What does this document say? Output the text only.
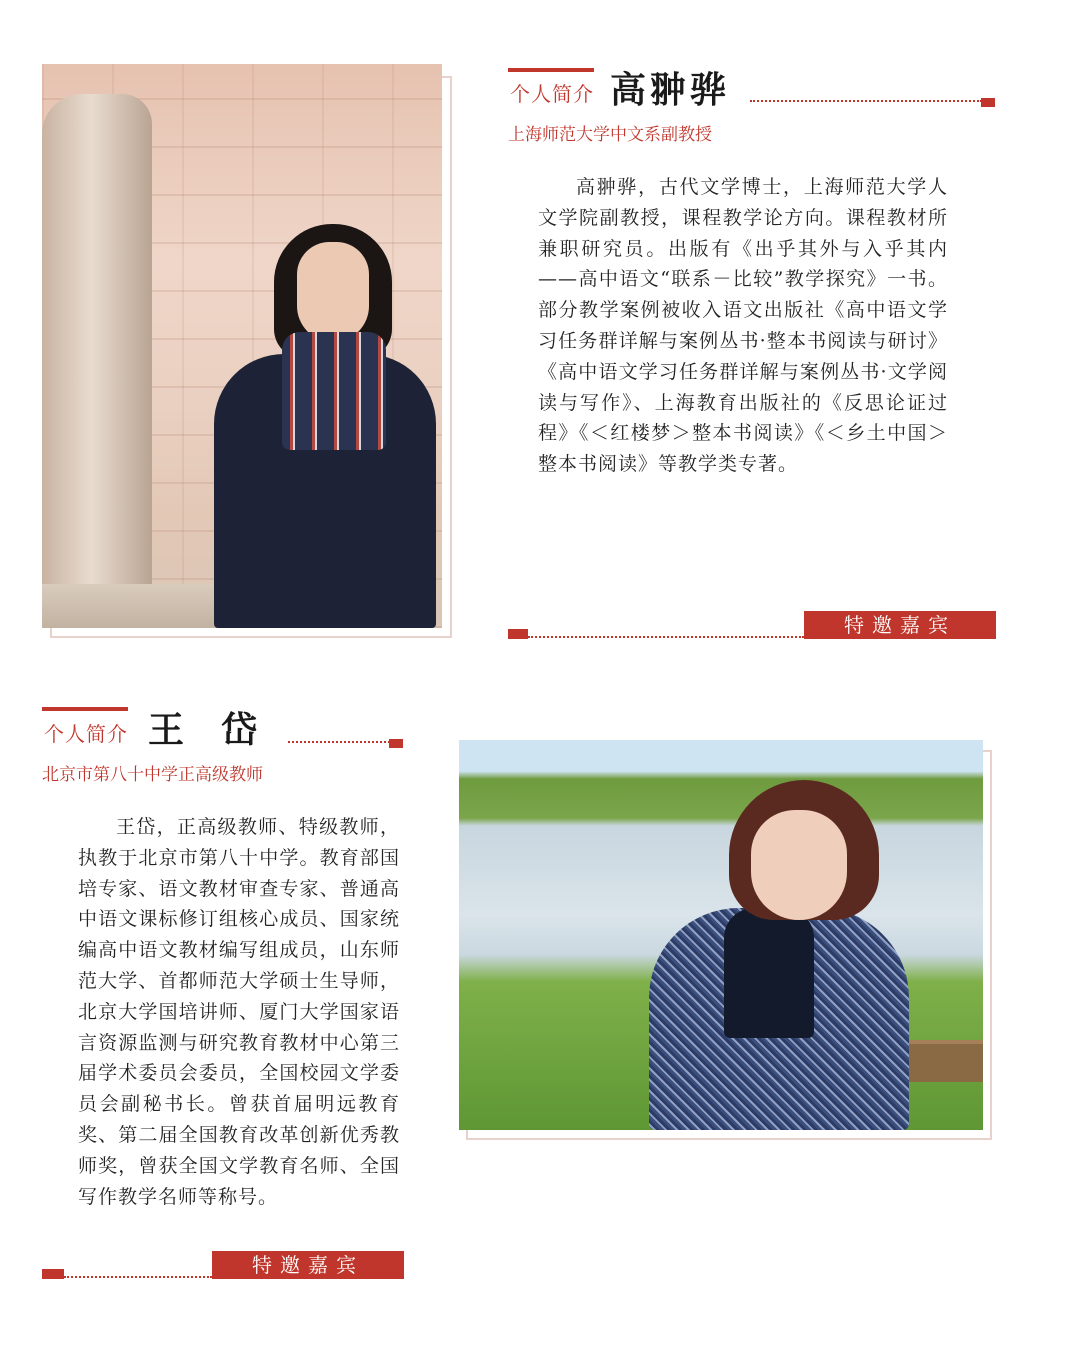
个人简介 高翀骅
上海师范大学中文系副教授
高翀骅，古代文学博士，上海师范大学人文学院副教授，课程教学论方向。课程教材所兼职研究员。出版有《出乎其外与入乎其内——高中语文“联系－比较”教学探究》一书。部分教学案例被收入语文出版社《高中语文学习任务群详解与案例丛书·整本书阅读与研讨》《高中语文学习任务群详解与案例丛书·文学阅读与写作》、上海教育出版社的《反思论证过程》《＜红楼梦＞整本书阅读》《＜乡土中国＞整本书阅读》等教学类专著。
特邀嘉宾
个人简介 王  岱
北京市第八十中学正高级教师
王岱，正高级教师、特级教师，执教于北京市第八十中学。教育部国培专家、语文教材审查专家、普通高中语文课标修订组核心成员、国家统编高中语文教材编写组成员，山东师范大学、首都师范大学硕士生导师，北京大学国培讲师、厦门大学国家语言资源监测与研究教育教材中心第三届学术委员会委员，全国校园文学委员会副秘书长。曾获首届明远教育奖、第二届全国教育改革创新优秀教师奖，曾获全国文学教育名师、全国写作教学名师等称号。
特邀嘉宾
